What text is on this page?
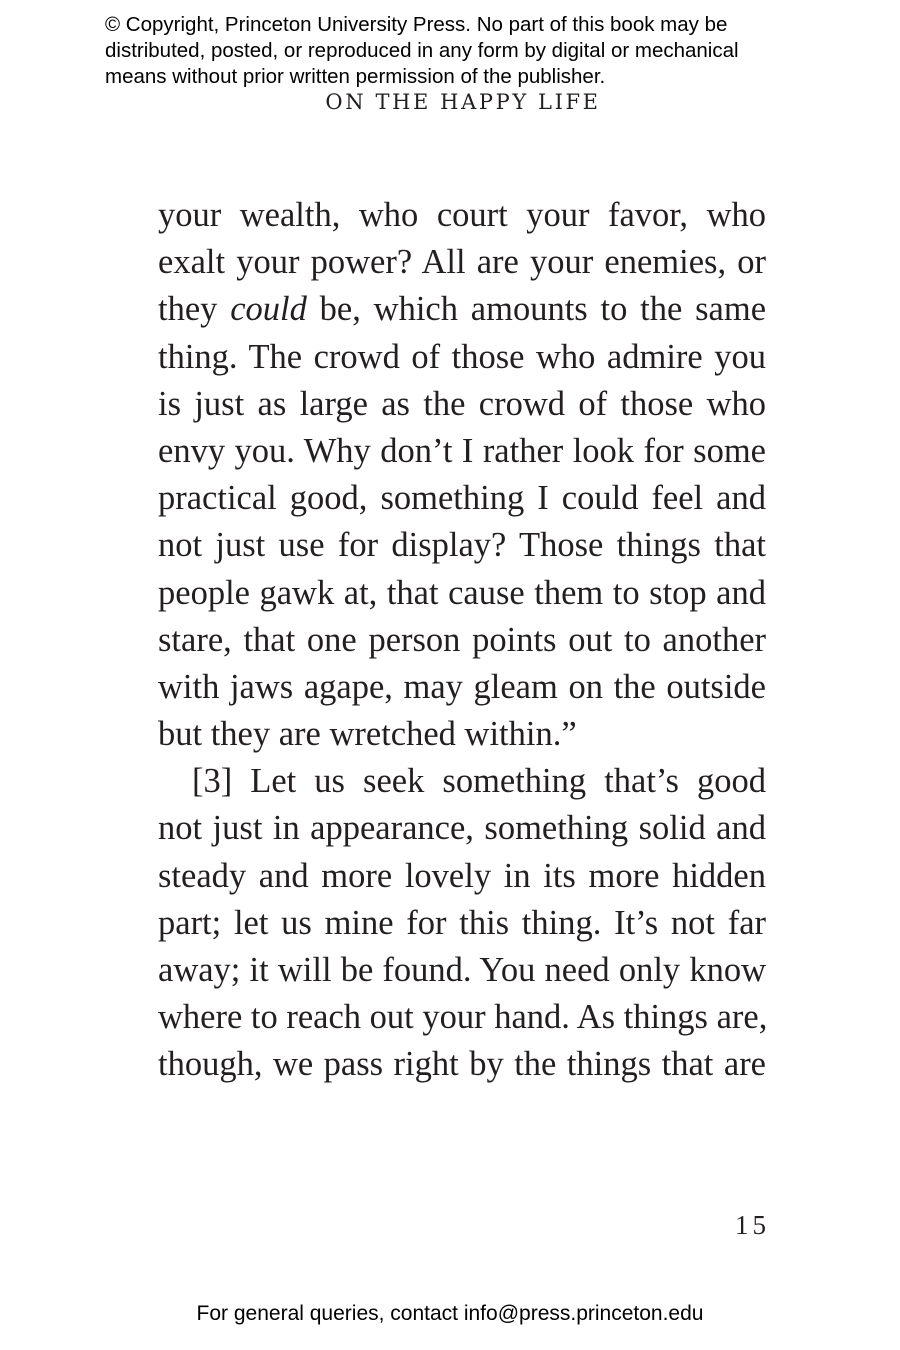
© Copyright, Princeton University Press. No part of this book may be
distributed, posted, or reproduced in any form by digital or mechanical
means without prior written permission of the publisher.
ON THE HAPPY LIFE
your wealth, who court your favor, who
exalt your power? All are your enemies, or
they could be, which amounts to the same
thing. The crowd of those who admire you
is just as large as the crowd of those who
envy you. Why don’t I rather look for some
practical good, something I could feel and
not just use for display? Those things that
people gawk at, that cause them to stop and
stare, that one person points out to another
with jaws agape, may gleam on the outside
but they are wretched within.”
[3] Let us seek something that’s good
not just in appearance, something solid and
steady and more lovely in its more hidden
part; let us mine for this thing. It’s not far
away; it will be found. You need only know
where to reach out your hand. As things are,
though, we pass right by the things that are
15
For general queries, contact info@press.princeton.edu
